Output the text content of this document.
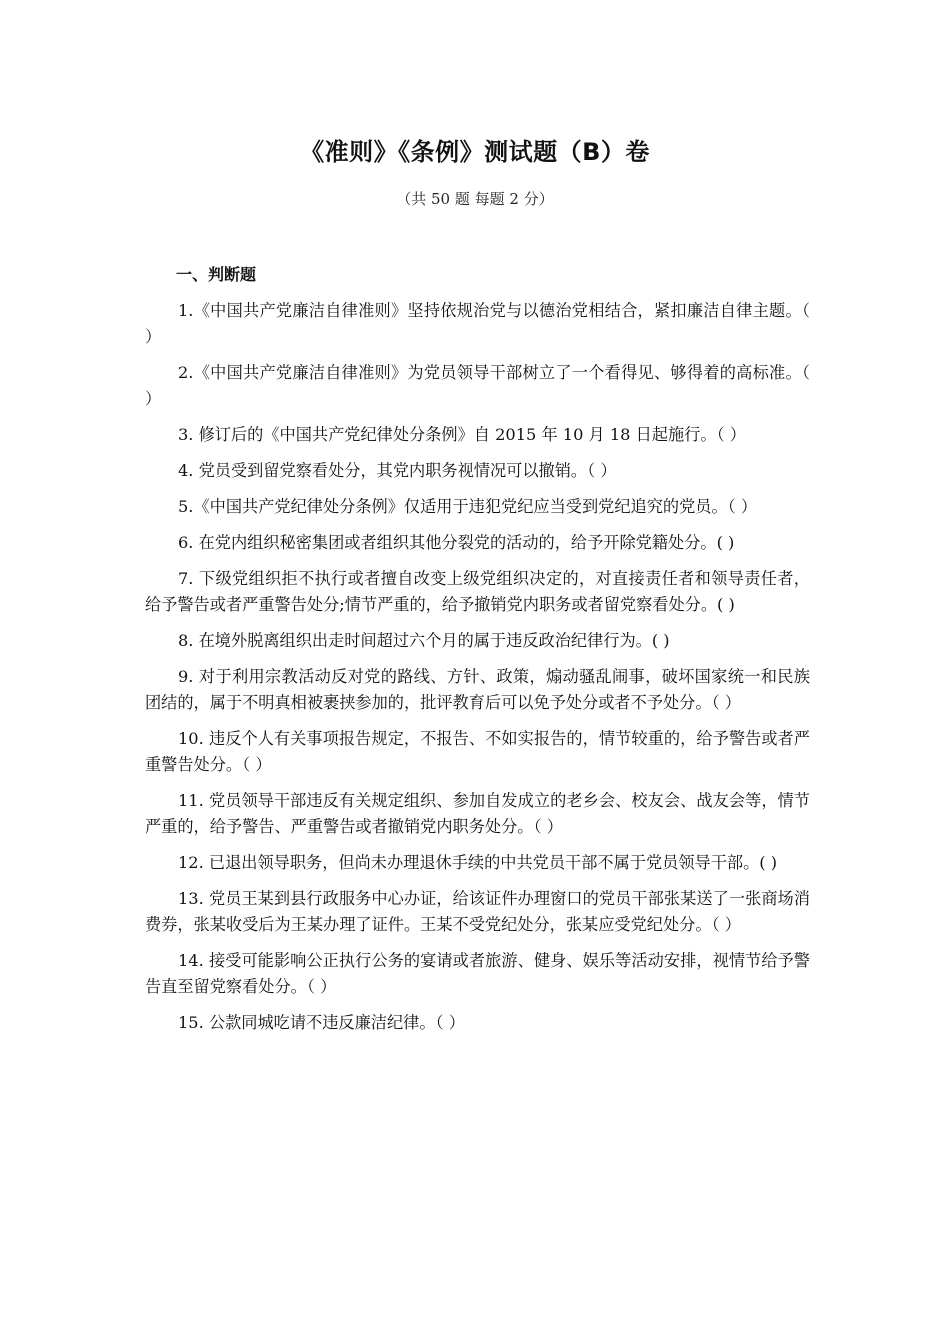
《准则》《条例》测试题（B）卷
（共 50 题 每题 2 分）
一、判断题

1.《中国共产党廉洁自律准则》坚持依规治党与以德治党相结合，紧扣廉洁自律主题。（ ）

2.《中国共产党廉洁自律准则》为党员领导干部树立了一个看得见、够得着的高标准。（ ）

3. 修订后的《中国共产党纪律处分条例》自 2015 年 10 月 18 日起施行。（ ）

4. 党员受到留党察看处分，其党内职务视情况可以撤销。（ ）

5.《中国共产党纪律处分条例》仅适用于违犯党纪应当受到党纪追究的党员。（ ）

6. 在党内组织秘密集团或者组织其他分裂党的活动的，给予开除党籍处分。( )

7. 下级党组织拒不执行或者擅自改变上级党组织决定的，对直接责任者和领导责任者，给予警告或者严重警告处分;情节严重的，给予撤销党内职务或者留党察看处分。( )

8. 在境外脱离组织出走时间超过六个月的属于违反政治纪律行为。( )

9. 对于利用宗教活动反对党的路线、方针、政策，煽动骚乱闹事，破坏国家统一和民族团结的，属于不明真相被裹挟参加的，批评教育后可以免予处分或者不予处分。（ ）

10. 违反个人有关事项报告规定，不报告、不如实报告的，情节较重的，给予警告或者严重警告处分。（ ）

11. 党员领导干部违反有关规定组织、参加自发成立的老乡会、校友会、战友会等，情节严重的，给予警告、严重警告或者撤销党内职务处分。（ ）

12. 已退出领导职务，但尚未办理退休手续的中共党员干部不属于党员领导干部。( )

13. 党员王某到县行政服务中心办证，给该证件办理窗口的党员干部张某送了一张商场消费券，张某收受后为王某办理了证件。王某不受党纪处分，张某应受党纪处分。（ ）

14. 接受可能影响公正执行公务的宴请或者旅游、健身、娱乐等活动安排，视情节给予警告直至留党察看处分。（ ）

15. 公款同城吃请不违反廉洁纪律。（ ）
